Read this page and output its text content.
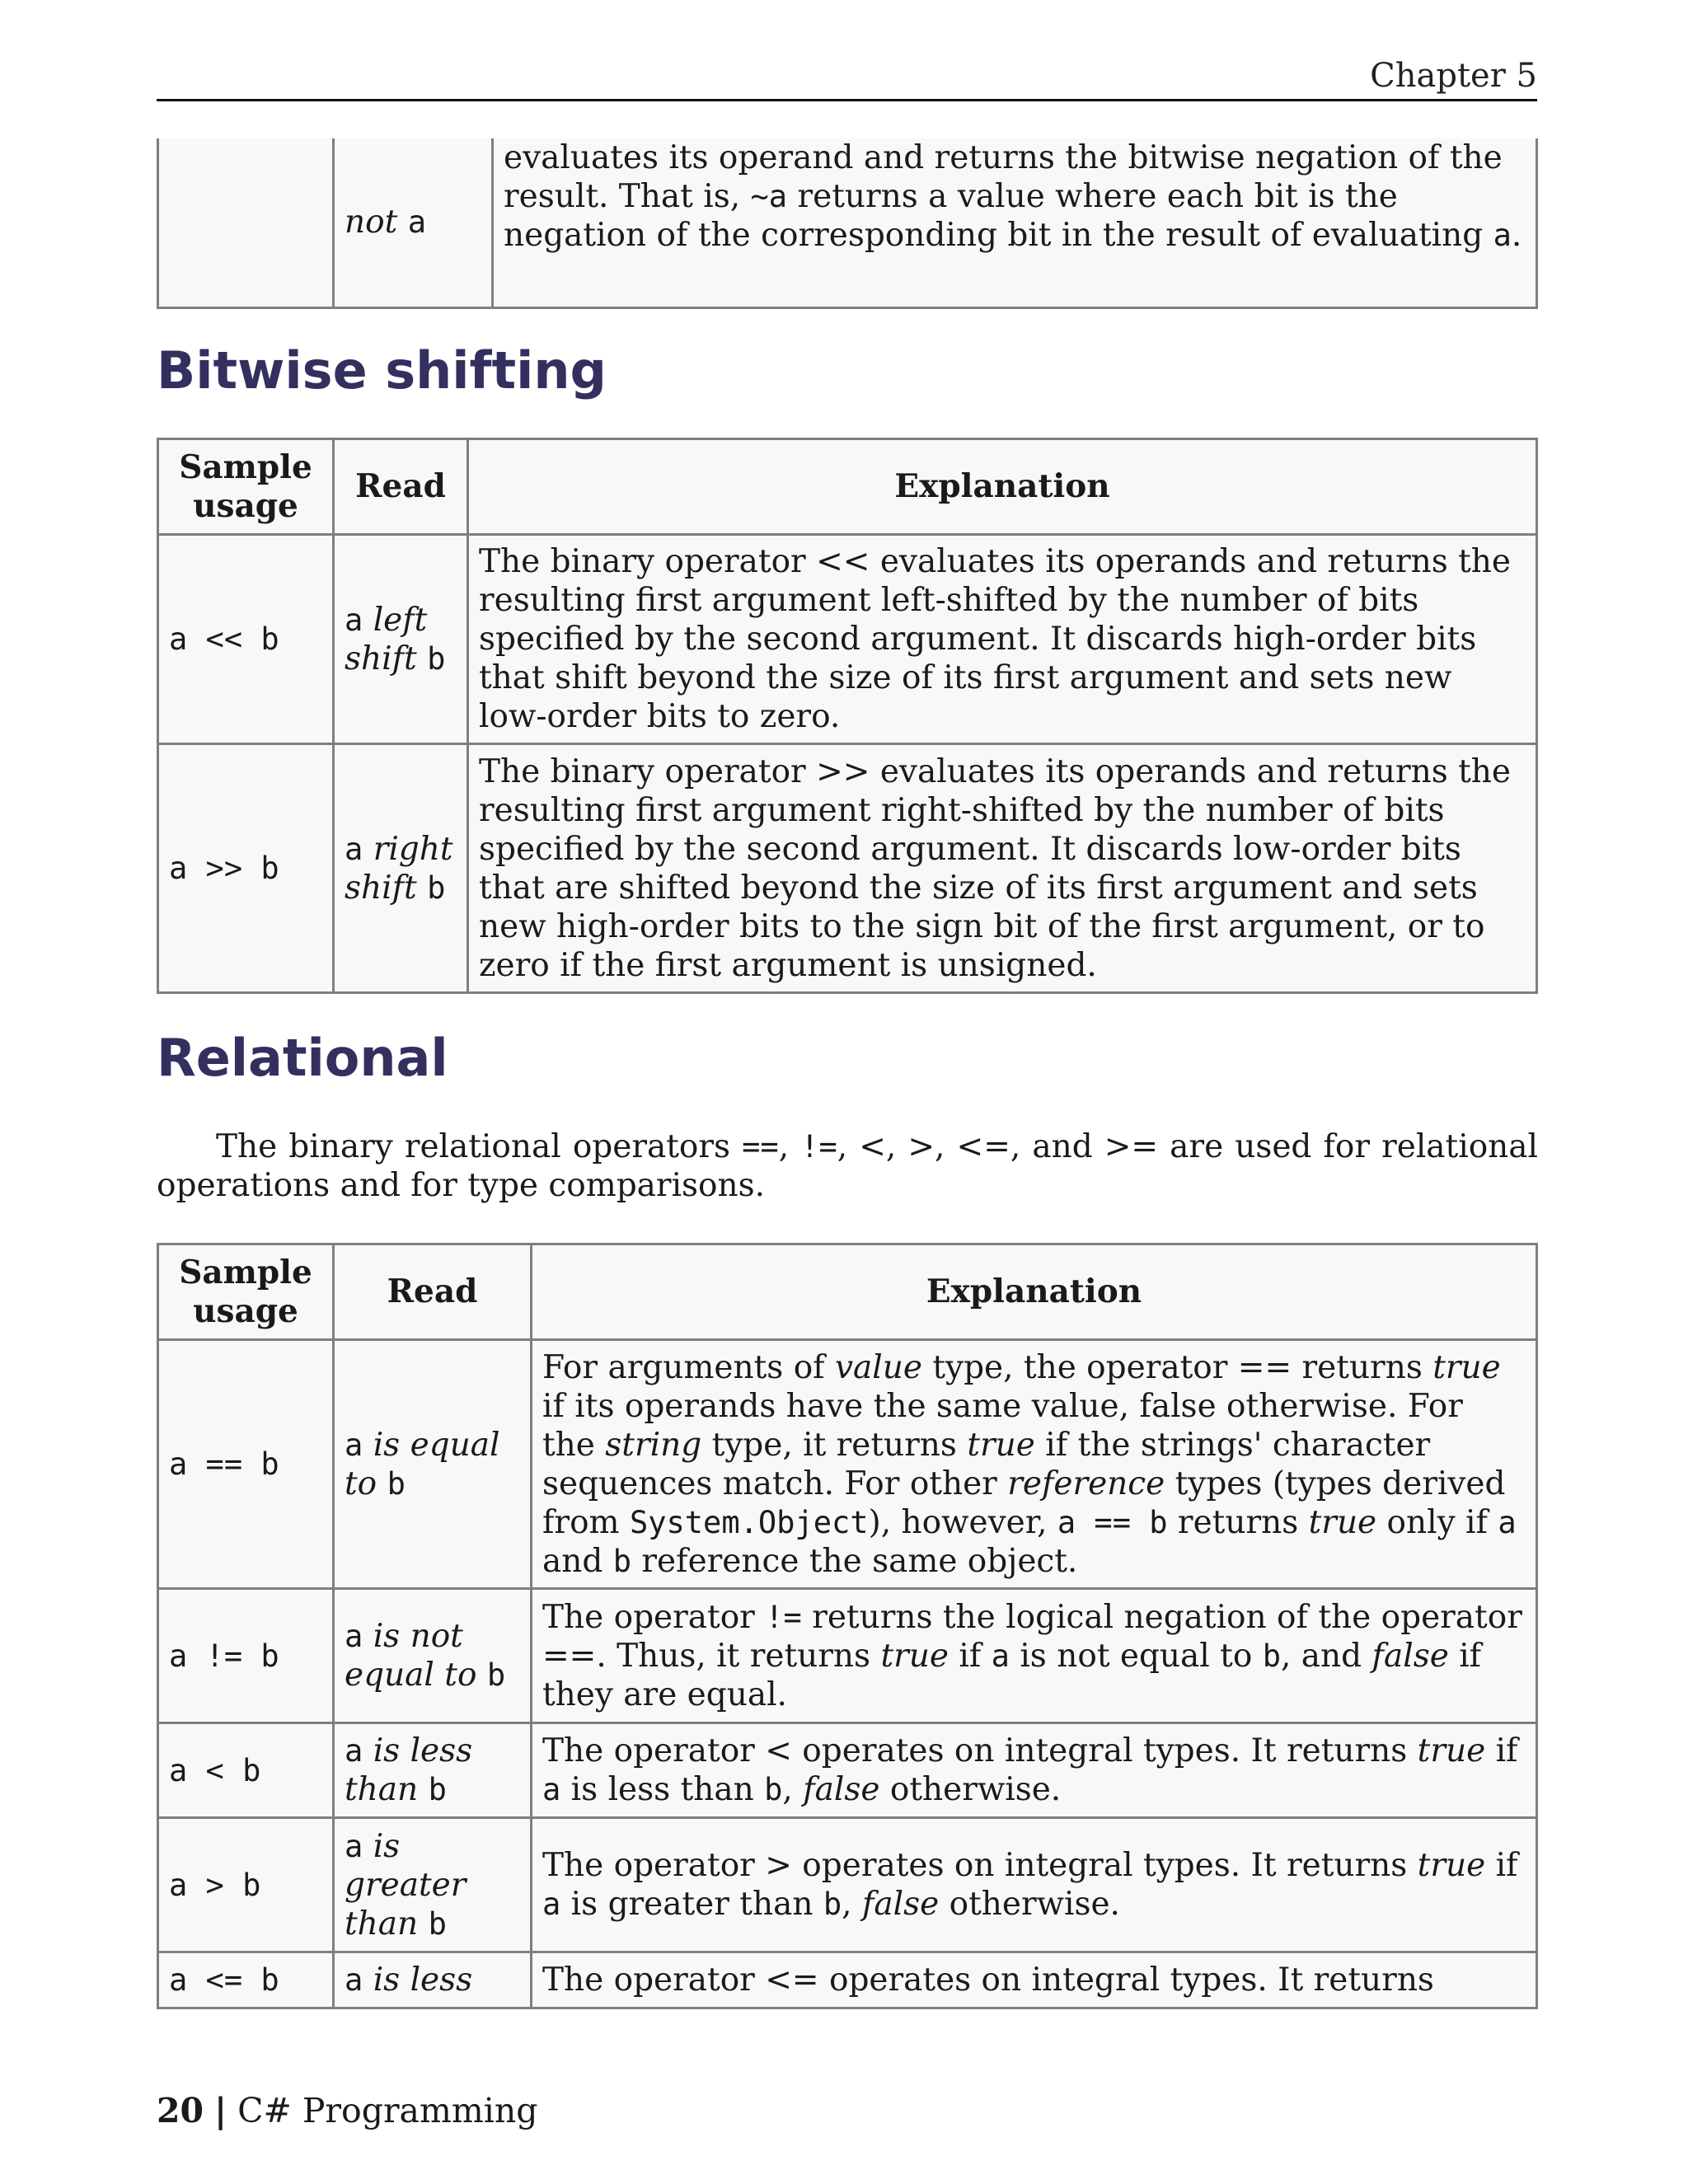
Chapter 5
	not a	evaluates its operand and returns the bitwise negation of the result. That is, ~a returns a value where each bit is the negation of the corresponding bit in the result of evaluating a.
Bitwise shifting
Sample usage	Read	Explanation
a << b	a left shift b	The binary operator << evaluates its operands and returns the resulting first argument left-shifted by the number of bits specified by the second argument. It discards high-order bits that shift beyond the size of its first argument and sets new low-order bits to zero.
a >> b	a right shift b	The binary operator >> evaluates its operands and returns the resulting first argument right-shifted by the number of bits specified by the second argument. It discards low-order bits that are shifted beyond the size of its first argument and sets new high-order bits to the sign bit of the first argument, or to zero if the first argument is unsigned.
Relational

The binary relational operators ==, !=, <, >, <=, and >= are used for relational operations and for type comparisons.

Sample usage	Read	Explanation
a == b	a is equal to b	For arguments of value type, the operator == returns true if its operands have the same value, false otherwise. For the string type, it returns true if the strings' character sequences match. For other reference types (types derived from System.Object), however, a == b returns true only if a and b reference the same object.
a != b	a is not equal to b	The operator != returns the logical negation of the operator ==. Thus, it returns true if a is not equal to b, and false if they are equal.
a < b	a is less than b	The operator < operates on integral types. It returns true if a is less than b, false otherwise.
a > b	a is greater than b	The operator > operates on integral types. It returns true if a is greater than b, false otherwise.
a <= b	a is less	The operator <= operates on integral types. It returns
20 | C# Programming
